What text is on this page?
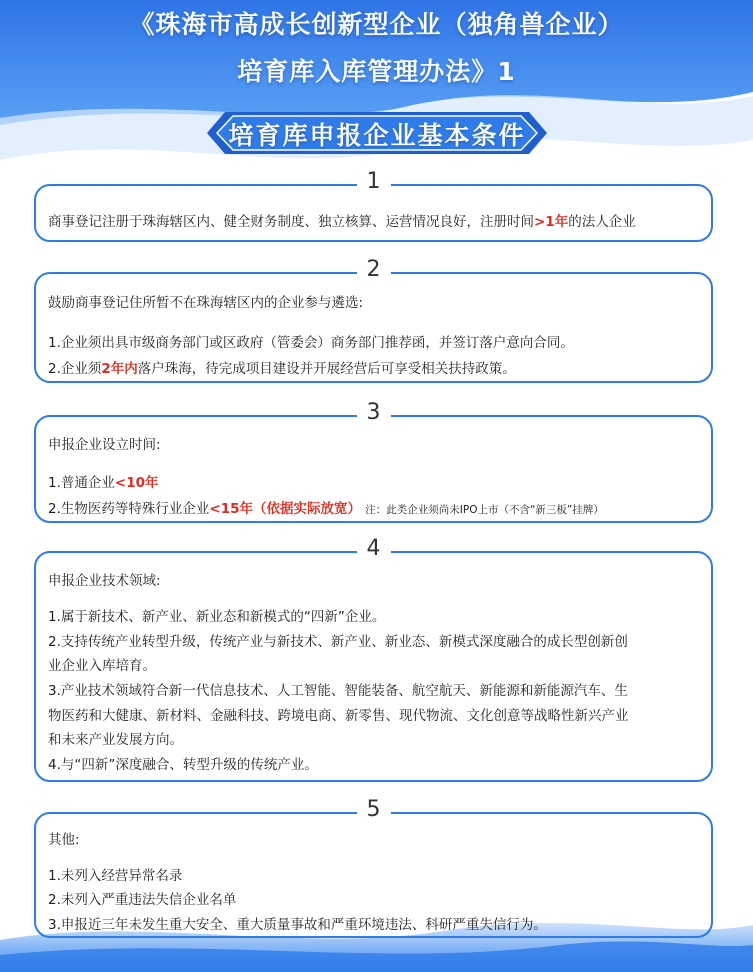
《珠海市高成长创新型企业（独角兽企业）
培育库入库管理办法》1
培育库申报企业基本条件
1
商事登记注册于珠海辖区内、健全财务制度、独立核算、运营情况良好，注册时间>1年的法人企业
2
鼓励商事登记住所暂不在珠海辖区内的企业参与遴选:
1.企业须出具市级商务部门或区政府（管委会）商务部门推荐函，并签订落户意向合同。
2.企业须2年内落户珠海，待完成项目建设并开展经营后可享受相关扶持政策。
3
申报企业设立时间:
1.普通企业<10年
2.生物医药等特殊行业企业<15年（依据实际放宽） 注：此类企业须尚未IPO上市（不含“新三板”挂牌）
4
申报企业技术领域:
1.属于新技术、新产业、新业态和新模式的“四新”企业。
2.支持传统产业转型升级，传统产业与新技术、新产业、新业态、新模式深度融合的成长型创新创
业企业入库培育。
3.产业技术领域符合新一代信息技术、人工智能、智能装备、航空航天、新能源和新能源汽车、生
物医药和大健康、新材料、金融科技、跨境电商、新零售、现代物流、文化创意等战略性新兴产业
和未来产业发展方向。
4.与“四新”深度融合、转型升级的传统产业。
5
其他:
1.未列入经营异常名录
2.未列入严重违法失信企业名单
3.申报近三年未发生重大安全、重大质量事故和严重环境违法、科研严重失信行为。
